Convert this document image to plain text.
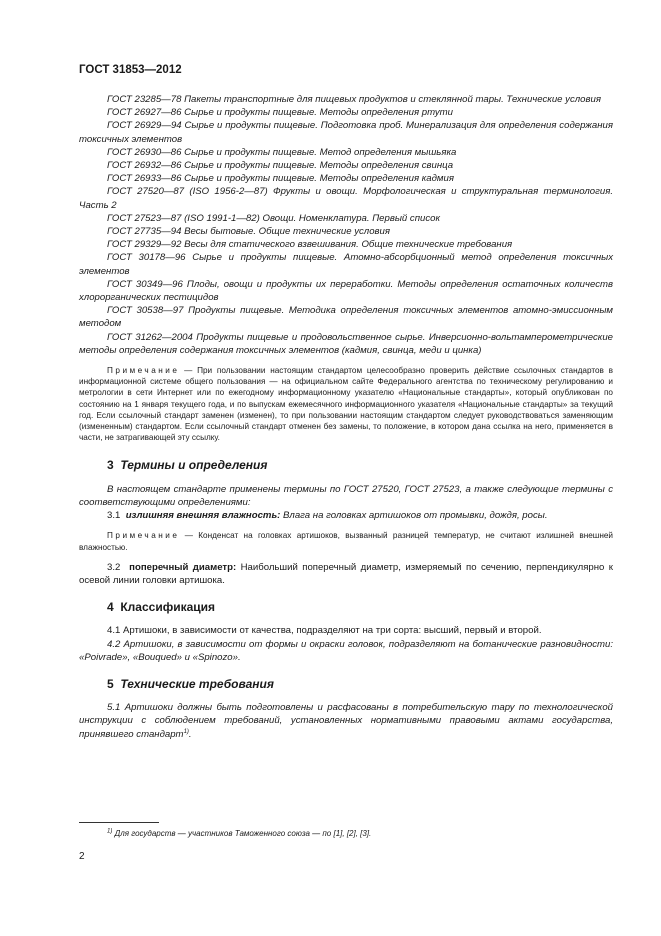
ГОСТ 31853—2012

ГОСТ 23285—78 Пакеты транспортные для пищевых продуктов и стеклянной тары. Технические условия

ГОСТ 26927—86 Сырье и продукты пищевые. Методы определения ртути

ГОСТ 26929—94 Сырье и продукты пищевые. Подготовка проб. Минерализация для определения содержания токсичных элементов

ГОСТ 26930—86 Сырье и продукты пищевые. Метод определения мышьяка

ГОСТ 26932—86 Сырье и продукты пищевые. Методы определения свинца

ГОСТ 26933—86 Сырье и продукты пищевые. Методы определения кадмия

ГОСТ 27520—87 (ISO 1956-2—87) Фрукты и овощи. Морфологическая и структуральная терминология. Часть 2

ГОСТ 27523—87 (ISO 1991-1—82) Овощи. Номенклатура. Первый список

ГОСТ 27735—94 Весы бытовые. Общие технические условия

ГОСТ 29329—92 Весы для статического взвешивания. Общие технические требования

ГОСТ 30178—96 Сырье и продукты пищевые. Атомно-абсорбционный метод определения токсичных элементов

ГОСТ 30349—96 Плоды, овощи и продукты их переработки. Методы определения остаточных количеств хлорорганических пестицидов

ГОСТ 30538—97 Продукты пищевые. Методика определения токсичных элементов атомно-эмиссионным методом

ГОСТ 31262—2004 Продукты пищевые и продовольственное сырье. Инверсионно-вольтамперометрические методы определения содержания токсичных элементов (кадмия, свинца, меди и цинка)

Примечание — При пользовании настоящим стандартом целесообразно проверить действие ссылочных стандартов в информационной системе общего пользования — на официальном сайте Федерального агентства по техническому регулированию и метрологии в сети Интернет или по ежегодному информационному указателю «Национальные стандарты», который опубликован по состоянию на 1 января текущего года, и по выпускам ежемесячного информационного указателя «Национальные стандарты» за текущий год. Если ссылочный стандарт заменен (изменен), то при пользовании настоящим стандартом следует руководствоваться заменяющим (измененным) стандартом. Если ссылочный стандарт отменен без замены, то положение, в котором дана ссылка на него, применяется в части, не затрагивающей эту ссылку.

3 Термины и определения

В настоящем стандарте применены термины по ГОСТ 27520, ГОСТ 27523, а также следующие термины с соответствующими определениями:

3.1 излишняя внешняя влажность: Влага на головках артишоков от промывки, дождя, росы.

Примечание — Конденсат на головках артишоков, вызванный разницей температур, не считают излишней внешней влажностью.

3.2 поперечный диаметр: Наибольший поперечный диаметр, измеряемый по сечению, перпендикулярно к осевой линии головки артишока.

4 Классификация

4.1 Артишоки, в зависимости от качества, подразделяют на три сорта: высший, первый и второй.

4.2 Артишоки, в зависимости от формы и окраски головок, подразделяют на ботанические разновидности: «Poivrade», «Bouqued» и «Spinozo».

5 Технические требования

5.1 Артишоки должны быть подготовлены и расфасованы в потребительскую тару по технологической инструкции с соблюдением требований, установленных нормативными правовыми актами государства, принявшего стандарт$^{1)}$.

$^{1)}$ Для государств — участников Таможенного союза — по [1], [2], [3].
2
